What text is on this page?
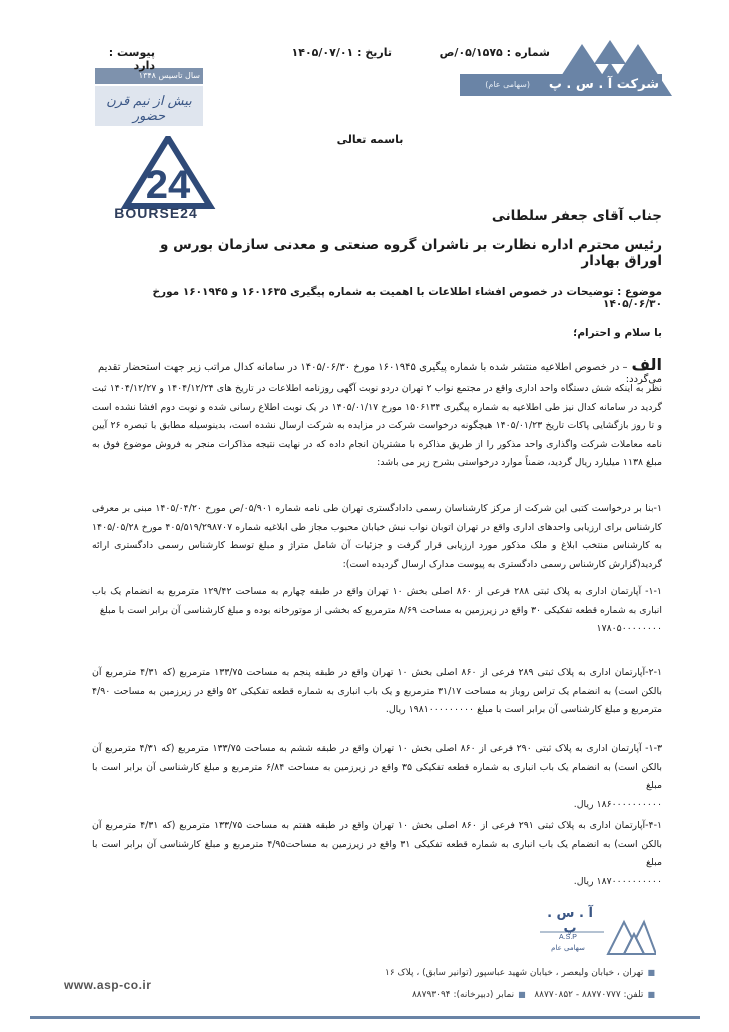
شرکت آ . س . پ
(سهامی عام)
سال تاسیس ۱۳۴۸
بیش از نیم قرن حضور
شماره : ۰۵/۱۵۷۵/ص
تاریخ : ۱۴۰۵/۰۷/۰۱
پیوست : دارد
باسمه تعالی
24
BOURSE24	جناب آقای جعفر سلطانی
رئیس محترم اداره نظارت بر ناشران گروه صنعتی و معدنی سازمان بورس و اوراق بهادار
موضوع : توضیحات در خصوص افشاء اطلاعات با اهمیت به شماره پیگیری ۱۶۰۱۶۳۵ و ۱۶۰۱۹۴۵ مورخ ۱۴۰۵/۰۶/۳۰
با سلام و احترام؛
الف– در خصوص اطلاعیه منتشر شده با شماره پیگیری ۱۶۰۱۹۴۵ مورخ ۱۴۰۵/۰۶/۳۰ در سامانه کدال مراتب زیر جهت استحضار تقدیم می‌گردد:
نظر به اینکه شش دستگاه واحد اداری واقع در مجتمع نواب ۲ تهران دردو نوبت آگهی روزنامه اطلاعات در تاریخ های ۱۴۰۴/۱۲/۲۴ و ۱۴۰۴/۱۲/۲۷ ثبت گردید در سامانه کدال نیز طی اطلاعیه به شماره پیگیری ۱۵۰۶۱۳۴ مورخ ۱۴۰۵/۰۱/۱۷ در یک نوبت اطلاع رسانی شده و نوبت دوم افشا نشده است و تا روز بازگشایی پاکات تاریخ ۱۴۰۵/۰۱/۲۳ هیچگونه درخواست شرکت در مزایده به شرکت ارسال نشده است، بدینوسیله مطابق با تبصره ۲۶ آیین نامه معاملات شرکت واگذاری واحد مذکور را از طریق مذاکره با مشتریان انجام داده که در نهایت نتیجه مذاکرات منجر به فروش موضوع فوق به مبلغ ۱۱۳۸ میلیارد ریال گردید، ضمناً موارد درخواستی بشرح زیر می باشد:
۱-بنا بر درخواست کتبی این شرکت از مرکز کارشناسان رسمی دادادگستری تهران طی نامه شماره ۰۵/۹۰۱/ص مورخ ۱۴۰۵/۰۴/۲۰ مبنی بر معرفی کارشناس برای ارزیابی واحدهای اداری واقع در تهران اتوبان نواب نبش خیابان محبوب مجاز طی ابلاغیه شماره ۴۰۵/۵۱۹/۲۹۸۷۰۷ مورخ ۱۴۰۵/۰۵/۲۸ به کارشناس منتخب ابلاغ و ملک مذکور مورد ارزیابی قرار گرفت و جزئیات آن شامل متراژ و مبلغ توسط کارشناس رسمی دادگستری ارائه گردید(گزارش کارشناس رسمی دادگستری به پیوست مدارک ارسال گردیده است):
۱-۱- آپارتمان اداری به پلاک ثبتی ۲۸۸ فرعی از ۸۶۰ اصلی بخش ۱۰ تهران واقع در طبقه چهارم به مساحت ۱۲۹/۴۲ مترمربع به انضمام یک باب انباری به شماره قطعه تفکیکی ۳۰ واقع در زیرزمین به مساحت ۸/۶۹ مترمربع که بخشی از موتورخانه بوده و مبلغ کارشناسی آن برابر است با مبلغ
۱۷۸۰۵۰۰۰۰۰۰۰۰
۲-۱-آپارتمان اداری به پلاک ثبتی ۲۸۹ فرعی از ۸۶۰ اصلی بخش ۱۰ تهران واقع در طبقه پنجم به مساحت ۱۳۳/۷۵ مترمربع (که ۴/۳۱ مترمربع آن بالکن است) به انضمام یک تراس روباز به مساحت ۳۱/۱۷ مترمربع و یک باب انباری به شماره قطعه تفکیکی ۵۲ واقع در زیرزمین به مساحت ۴/۹۰ مترمربع و مبلغ کارشناسی آن برابر است با مبلغ ۱۹۸۱۰۰۰۰۰۰۰۰۰ ریال.
۱-۳- آپارتمان اداری به پلاک ثبتی ۲۹۰ فرعی از ۸۶۰ اصلی بخش ۱۰ تهران واقع در طبقه ششم به مساحت ۱۳۳/۷۵ مترمربع (که ۴/۳۱ مترمربع آن بالکن است) به انضمام یک باب انباری به شماره قطعه تفکیکی ۳۵ واقع در زیرزمین به مساحت ۶/۸۴ مترمربع و مبلغ کارشناسی آن برابر است با مبلغ
۱۸۶۰۰۰۰۰۰۰۰۰۰ ریال.
۴-۱-آپارتمان اداری به پلاک ثبتی ۲۹۱ فرعی از ۸۶۰ اصلی بخش ۱۰ تهران واقع در طبقه هفتم به مساحت ۱۳۳/۷۵ مترمربع (که ۴/۳۱ مترمربع آن بالکن است) به انضمام یک باب انباری به شماره قطعه تفکیکی ۳۱ واقع در زیرزمین به مساحت۴/۹۵ مترمربع و مبلغ کارشناسی آن برابر است با مبلغ
۱۸۷۰۰۰۰۰۰۰۰۰۰ ریال.
آ . س . پ
A.S.P
سهامی عام
www.asp-co.ir
■تهران ، خیابان ولیعصر ، خیابان شهید عباسپور (توانیر سابق) ، پلاک ۱۶
■تلفن: ۸۸۷۷۰۷۷۷ - ۸۸۷۷۰۸۵۲   ■نمابر (دبیرخانه): ۸۸۷۹۳۰۹۴
